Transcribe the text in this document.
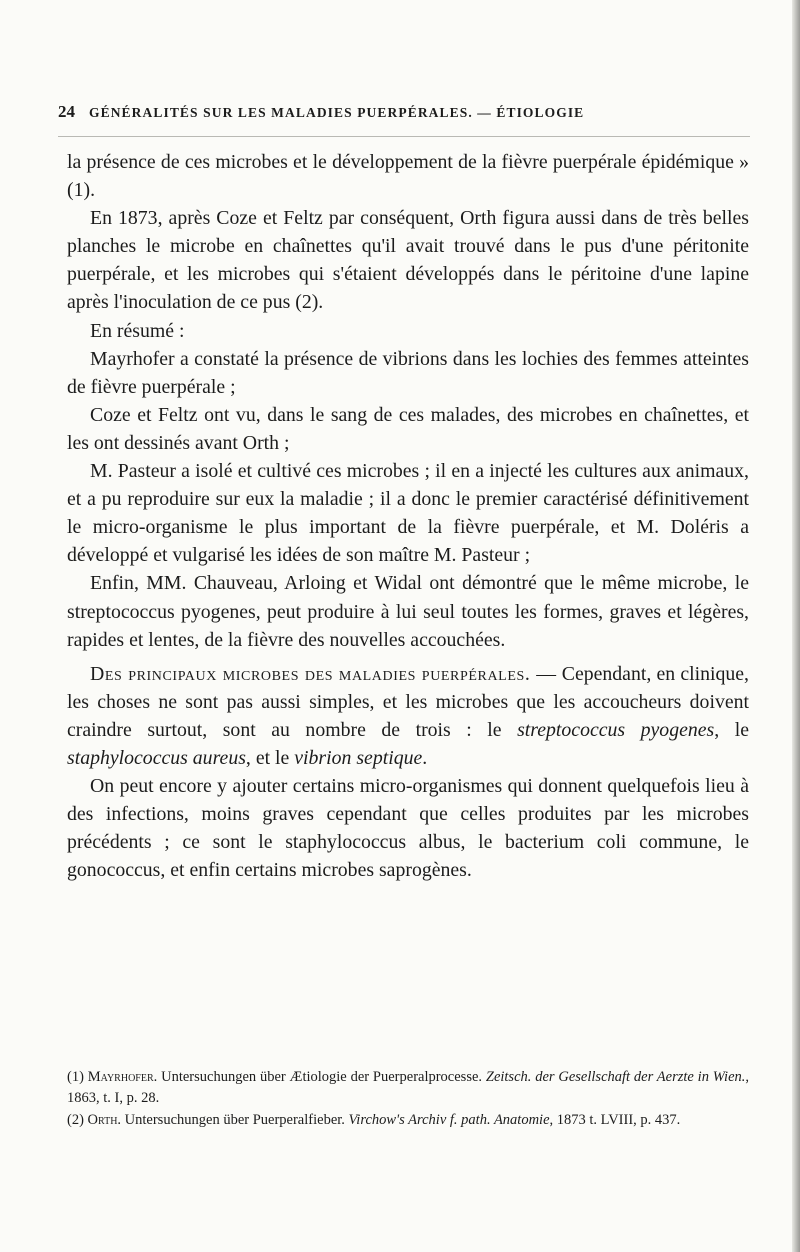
24 GÉNÉRALITÉS SUR LES MALADIES PUERPÉRALES. — ÉTIOLOGIE

la présence de ces microbes et le développement de la fièvre puerpérale épidémique » (1).

En 1873, après Coze et Feltz par conséquent, Orth figura aussi dans de très belles planches le microbe en chaînettes qu'il avait trouvé dans le pus d'une péritonite puerpérale, et les microbes qui s'étaient développés dans le péritoine d'une lapine après l'inoculation de ce pus (2).

En résumé :

Mayrhofer a constaté la présence de vibrions dans les lochies des femmes atteintes de fièvre puerpérale ;

Coze et Feltz ont vu, dans le sang de ces malades, des microbes en chaînettes, et les ont dessinés avant Orth ;

M. Pasteur a isolé et cultivé ces microbes ; il en a injecté les cultures aux animaux, et a pu reproduire sur eux la maladie ; il a donc le premier caractérisé définitivement le micro-organisme le plus important de la fièvre puerpérale, et M. Doléris a développé et vulgarisé les idées de son maître M. Pasteur ;

Enfin, MM. Chauveau, Arloing et Widal ont démontré que le même microbe, le streptococcus pyogenes, peut produire à lui seul toutes les formes, graves et légères, rapides et lentes, de la fièvre des nouvelles accouchées.

Des principaux microbes des maladies puerpérales. — Cependant, en clinique, les choses ne sont pas aussi simples, et les microbes que les accoucheurs doivent craindre surtout, sont au nombre de trois : le streptococcus pyogenes, le staphylococcus aureus, et le vibrion septique.

On peut encore y ajouter certains micro-organismes qui donnent quelquefois lieu à des infections, moins graves cependant que celles produites par les microbes précédents ; ce sont le staphylococcus albus, le bacterium coli commune, le gonococcus, et enfin certains microbes saprogènes.

(1) Mayrhofer. Untersuchungen über Ætiologie der Puerperalprocesse. Zeitsch. der Gesellschaft der Aerzte in Wien., 1863, t. I, p. 28.

(2) Orth. Untersuchungen über Puerperalfieber. Virchow's Archiv f. path. Anatomie, 1873 t. LVIII, p. 437.
